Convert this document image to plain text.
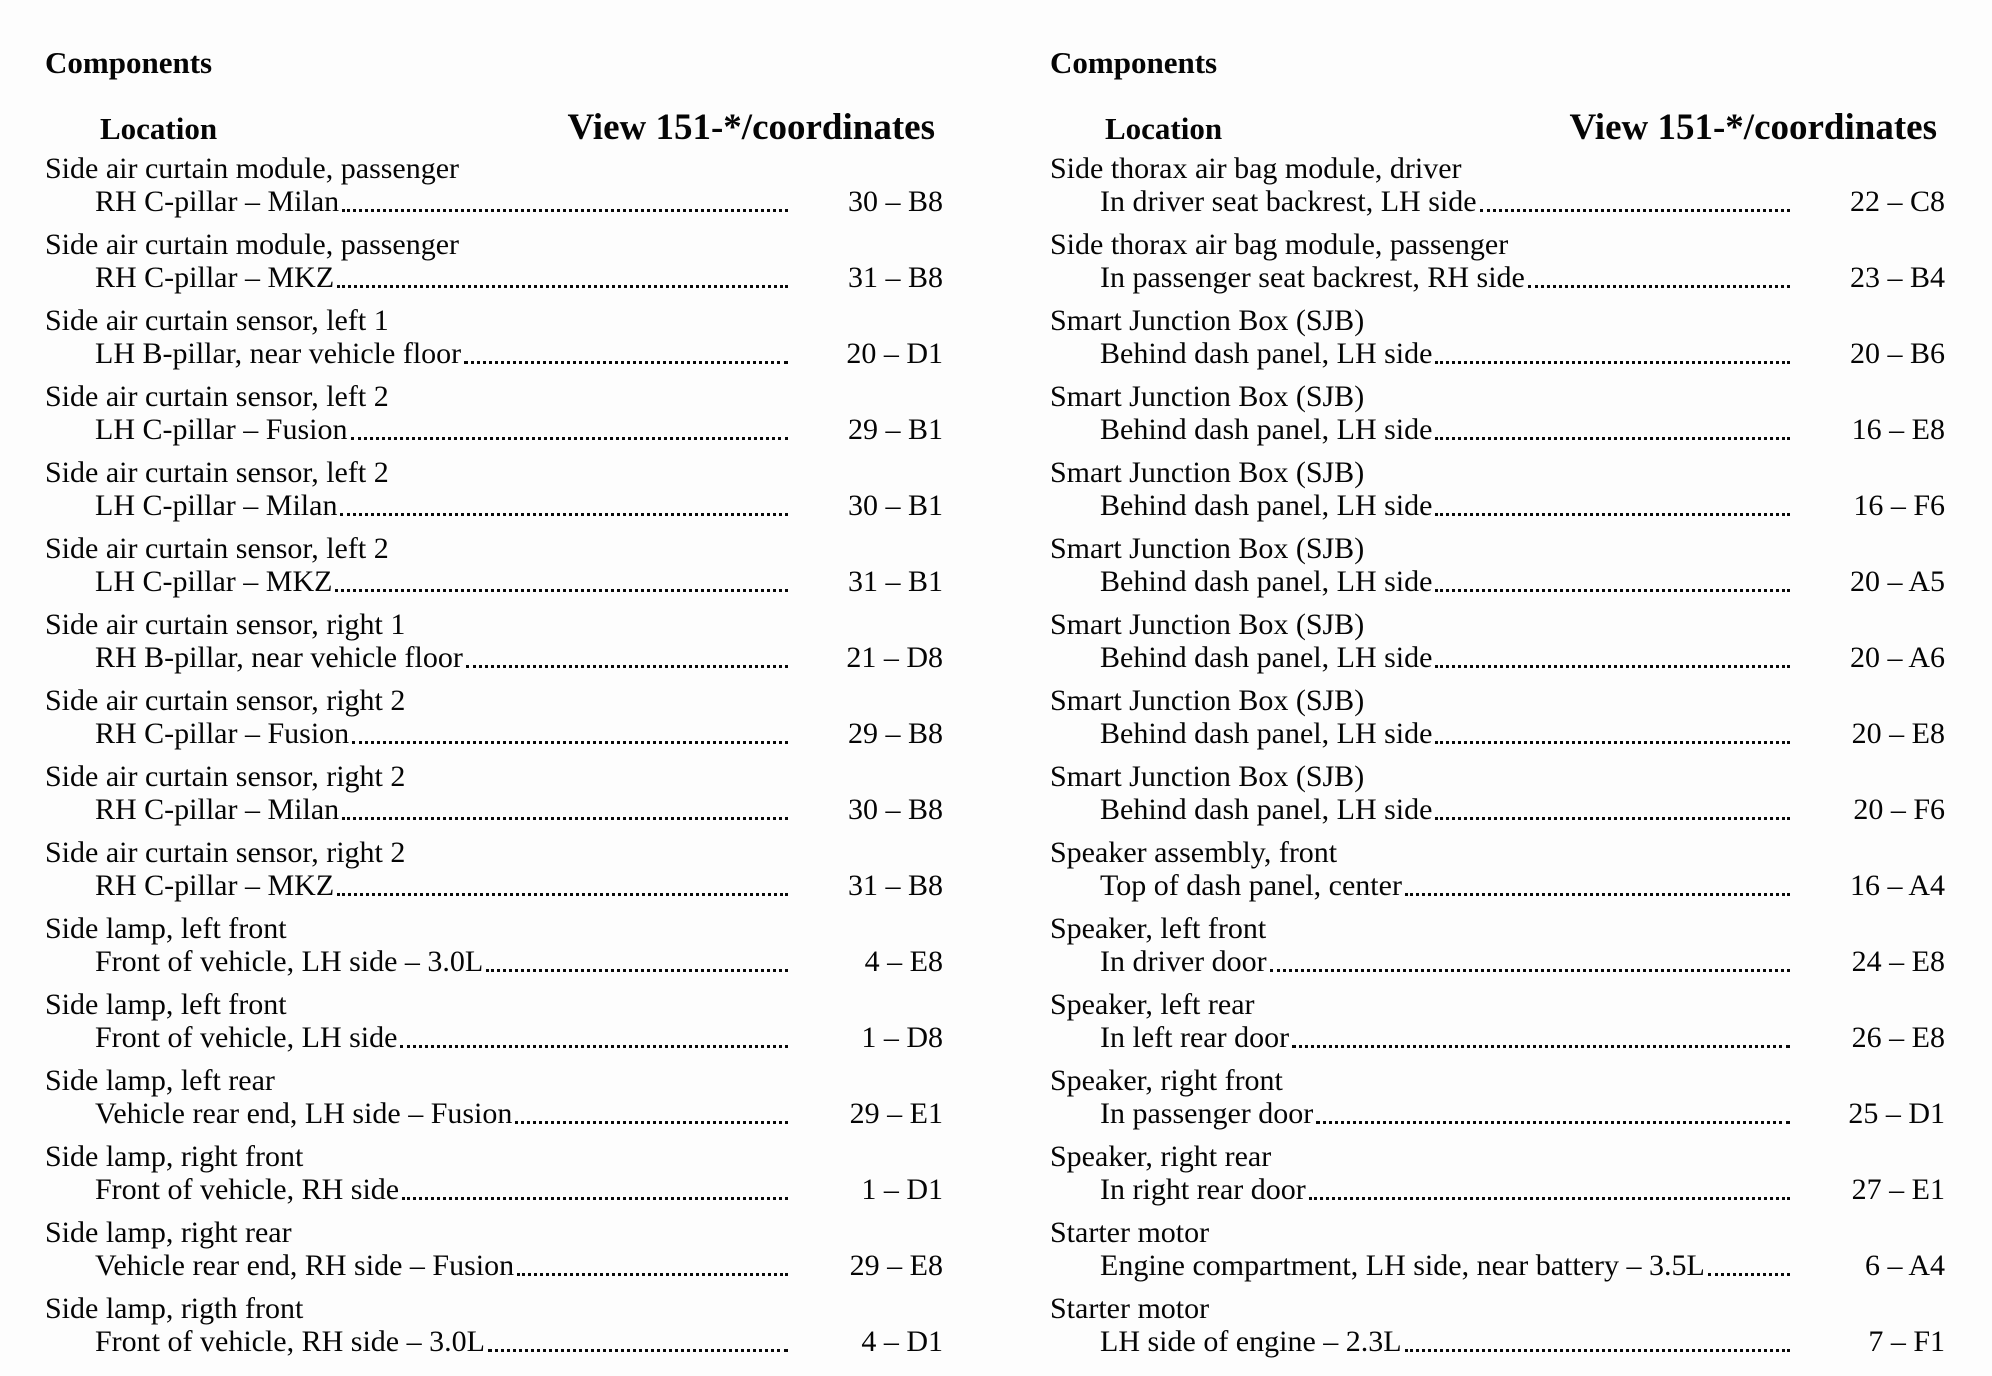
Components
Location	View 151-*/coordinates
Side air curtain module, passenger
RH C-pillar – Milan	30 – B8
Side air curtain module, passenger
RH C-pillar – MKZ	31 – B8
Side air curtain sensor, left 1
LH B-pillar, near vehicle floor	20 – D1
Side air curtain sensor, left 2
LH C-pillar – Fusion	29 – B1
Side air curtain sensor, left 2
LH C-pillar – Milan	30 – B1
Side air curtain sensor, left 2
LH C-pillar – MKZ	31 – B1
Side air curtain sensor, right 1
RH B-pillar, near vehicle floor	21 – D8
Side air curtain sensor, right 2
RH C-pillar – Fusion	29 – B8
Side air curtain sensor, right 2
RH C-pillar – Milan	30 – B8
Side air curtain sensor, right 2
RH C-pillar – MKZ	31 – B8
Side lamp, left front
Front of vehicle, LH side – 3.0L	4 – E8
Side lamp, left front
Front of vehicle, LH side	1 – D8
Side lamp, left rear
Vehicle rear end, LH side – Fusion	29 – E1
Side lamp, right front
Front of vehicle, RH side	1 – D1
Side lamp, right rear
Vehicle rear end, RH side – Fusion	29 – E8
Side lamp, rigth front
Front of vehicle, RH side – 3.0L	4 – D1
Components
Location	View 151-*/coordinates
Side thorax air bag module, driver
In driver seat backrest, LH side	22 – C8
Side thorax air bag module, passenger
In passenger seat backrest, RH side	23 – B4
Smart Junction Box (SJB)
Behind dash panel, LH side	20 – B6
Smart Junction Box (SJB)
Behind dash panel, LH side	16 – E8
Smart Junction Box (SJB)
Behind dash panel, LH side	16 – F6
Smart Junction Box (SJB)
Behind dash panel, LH side	20 – A5
Smart Junction Box (SJB)
Behind dash panel, LH side	20 – A6
Smart Junction Box (SJB)
Behind dash panel, LH side	20 – E8
Smart Junction Box (SJB)
Behind dash panel, LH side	20 – F6
Speaker assembly, front
Top of dash panel, center	16 – A4
Speaker, left front
In driver door	24 – E8
Speaker, left rear
In left rear door	26 – E8
Speaker, right front
In passenger door	25 – D1
Speaker, right rear
In right rear door	27 – E1
Starter motor
Engine compartment, LH side, near battery – 3.5L	6 – A4
Starter motor
LH side of engine – 2.3L	7 – F1
